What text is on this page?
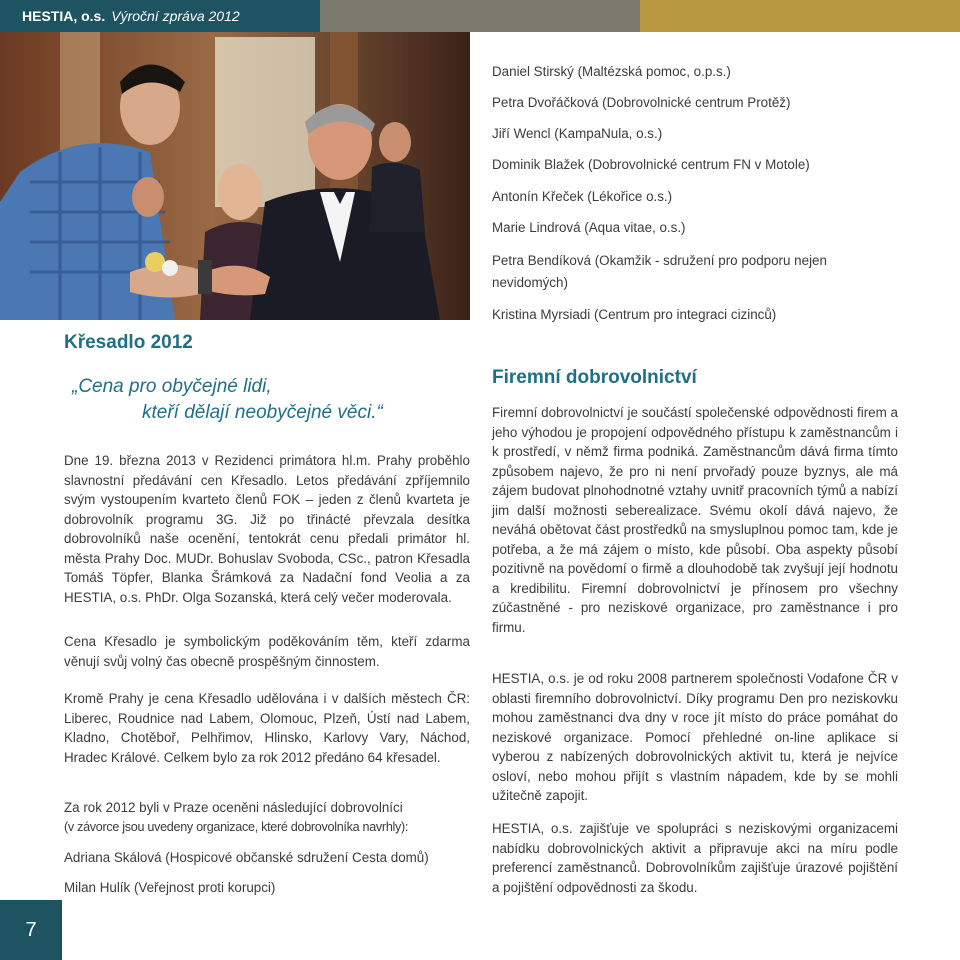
HESTIA, o.s. Výroční zpráva 2012
Křesadlo 2012
„Cena pro obyčejné lidi,
kteří dělají neobyčejné věci.“

Dne 19. března 2013 v Rezidenci primátora hl.m. Prahy proběhlo slavnostní předávání cen Křesadlo. Letos předávání zpříjemnilo svým vystoupením kvarteto členů FOK – jeden z členů kvarteta je dobrovolník programu 3G. Již po třinácté převzala desítka dobrovolníků naše ocenění, tentokrát cenu předali primátor hl. města Prahy Doc. MUDr. Bohuslav Svoboda, CSc., patron Křesadla Tomáš Töpfer, Blanka Šrámková za Nadační fond Veolia a za HESTIA, o.s. PhDr. Olga Sozanská, která celý večer moderovala.

Cena Křesadlo je symbolickým poděkováním těm, kteří zdarma věnují svůj volný čas obecně prospěšným činnostem.

Kromě Prahy je cena Křesadlo udělována i v dalších městech ČR: Liberec, Roudnice nad Labem, Olomouc, Plzeň, Ústí nad Labem, Kladno, Chotěboř, Pelhřimov, Hlinsko, Karlovy Vary, Náchod, Hradec Králové. Celkem bylo za rok 2012 předáno 64 křesadel.

Za rok 2012 byli v Praze oceněni následující dobrovolníci
(v závorce jsou uvedeny organizace, které dobrovolníka navrhly):

Adriana Skálová (Hospicové občanské sdružení Cesta domů)
Milan Hulík (Veřejnost proti korupci)
7
Daniel Stirský (Maltézská pomoc, o.p.s.)
Petra Dvořáčková (Dobrovolnické centrum Protěž)
Jiří Wencl (KampaNula, o.s.)
Dominik Blažek (Dobrovolnické centrum FN v Motole)
Antonín Křeček (Lékořice o.s.)
Marie Lindrová (Aqua vitae, o.s.)
Petra Bendíková (Okamžik - sdružení pro podporu nejen nevidomých)
Kristina Myrsiadi (Centrum pro integraci cizinců)
Firemní dobrovolnictví

Firemní dobrovolnictví je součástí společenské odpovědnosti firem a jeho výhodou je propojení odpovědného přístupu k zaměstnancům i k prostředí, v němž firma podniká. Zaměstnancům dává firma tímto způsobem najevo, že pro ni není prvořadý pouze byznys, ale má zájem budovat plnohodnotné vztahy uvnitř pracovních týmů a nabízí jim další možnosti seberealizace. Svému okolí dává najevo, že neváhá obětovat část prostředků na smysluplnou pomoc tam, kde je potřeba, a že má zájem o místo, kde působí. Oba aspekty působí pozitivně na povědomí o firmě a dlouhodobě tak zvyšují její hodnotu a kredibilitu. Firemní dobrovolnictví je přínosem pro všechny zúčastněné - pro neziskové organizace, pro zaměstnance i pro firmu.

HESTIA, o.s. je od roku 2008 partnerem společnosti Vodafone ČR v oblasti firemního dobrovolnictví. Díky programu Den pro neziskovku mohou zaměstnanci dva dny v roce jít místo do práce pomáhat do neziskové organizace. Pomocí přehledné on-line aplikace si vyberou z nabízených dobrovolnických aktivit tu, která je nejvíce osloví, nebo mohou přijít s vlastním nápadem, kde by se mohli užitečně zapojit.

HESTIA, o.s. zajišťuje ve spolupráci s neziskovými organizacemi nabídku dobrovolnických aktivit a připravuje akci na míru podle preferencí zaměstnanců. Dobrovolníkům zajišťuje úrazové pojištění a pojištění odpovědnosti za škodu.
